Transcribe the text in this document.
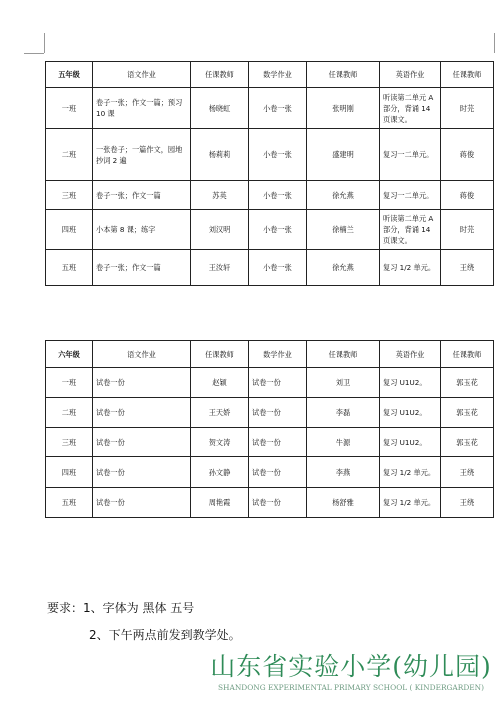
五年级	语文作业	任课教师	数学作业	任课教师	英语作业	任课教师
一班	卷子一张；作文一篇；预习 10 课	杨晓虹	小卷一张	张明刚	听读第二单元 A 部分，背诵 14 页课文。	时芫
二班	一张卷子；一篇作文，园地抄词 2 遍	杨莉莉	小卷一张	盛建明	复习一二单元。	蒋俊
三班	卷子一张；作文一篇	苏英	小卷一张	徐允燕	复习一二单元。	蒋俊
四班	小本第 8 课；练字	刘汉明	小卷一张	徐楠兰	听读第二单元 A 部分，背诵 14 页课文。	时芫
五班	卷子一张；作文一篇	王汝轩	小卷一张	徐允燕	复习 1/2 单元。	王绕
六年级	语文作业	任课教师	数学作业	任课教师	英语作业	任课教师
一班	试卷一份	赵颖	试卷一份	刘卫	复习 U1U2。	郭玉花
二班	试卷一份	王天娇	试卷一份	李磊	复习 U1U2。	郭玉花
三班	试卷一份	贺文涛	试卷一份	牛源	复习 U1U2。	郭玉花
四班	试卷一份	孙文静	试卷一份	李燕	复习 1/2 单元。	王绕
五班	试卷一份	周艳霞	试卷一份	杨舒雅	复习 1/2 单元。	王绕
要求：1、字体为 黑体 五号
2、下午两点前发到教学处。
山东省实验小学(幼儿园)
SHANDONG EXPERIMENTAL PRIMARY SCHOOL ( KINDERGARDEN)
